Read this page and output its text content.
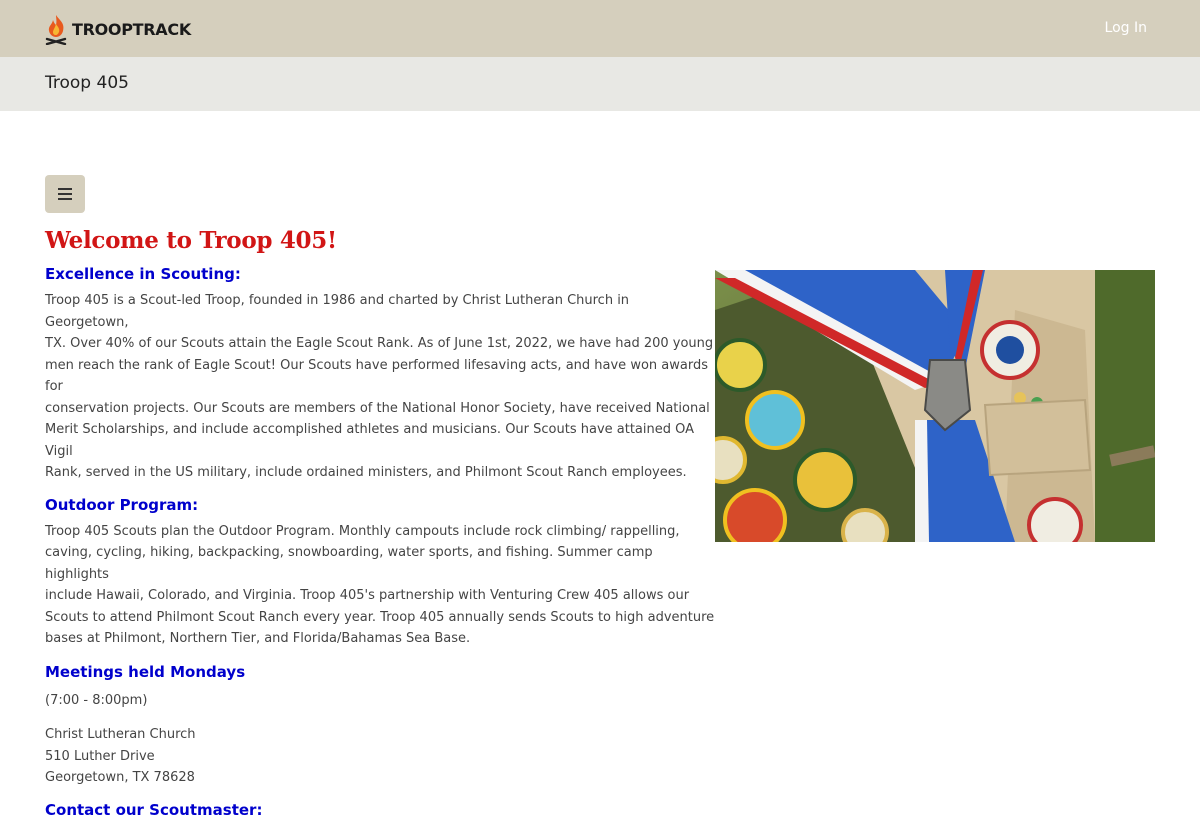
TROOPTRACK	Log In
Troop 405
Welcome to Troop 405!
Excellence in Scouting:

Troop 405 is a Scout-led Troop, founded in 1986 and charted by Christ Lutheran Church in Georgetown,
TX. Over 40% of our Scouts attain the Eagle Scout Rank. As of June 1st, 2022, we have had 200 young
men reach the rank of Eagle Scout! Our Scouts have performed lifesaving acts, and have won awards for
conservation projects. Our Scouts are members of the National Honor Society, have received National
Merit Scholarships, and include accomplished athletes and musicians. Our Scouts have attained OA Vigil
Rank, served in the US military, include ordained ministers, and Philmont Scout Ranch employees.

Outdoor Program:

Troop 405 Scouts plan the Outdoor Program. Monthly campouts include rock climbing/ rappelling,
caving, cycling, hiking, backpacking, snowboarding, water sports, and fishing. Summer camp highlights
include Hawaii, Colorado, and Virginia. Troop 405's partnership with Venturing Crew 405 allows our
Scouts to attend Philmont Scout Ranch every year. Troop 405 annually sends Scouts to high adventure
bases at Philmont, Northern Tier, and Florida/Bahamas Sea Base.

Meetings held Mondays

(7:00 - 8:00pm)

Christ Lutheran Church
510 Luther Drive
Georgetown, TX 78628

Contact our Scoutmaster:
